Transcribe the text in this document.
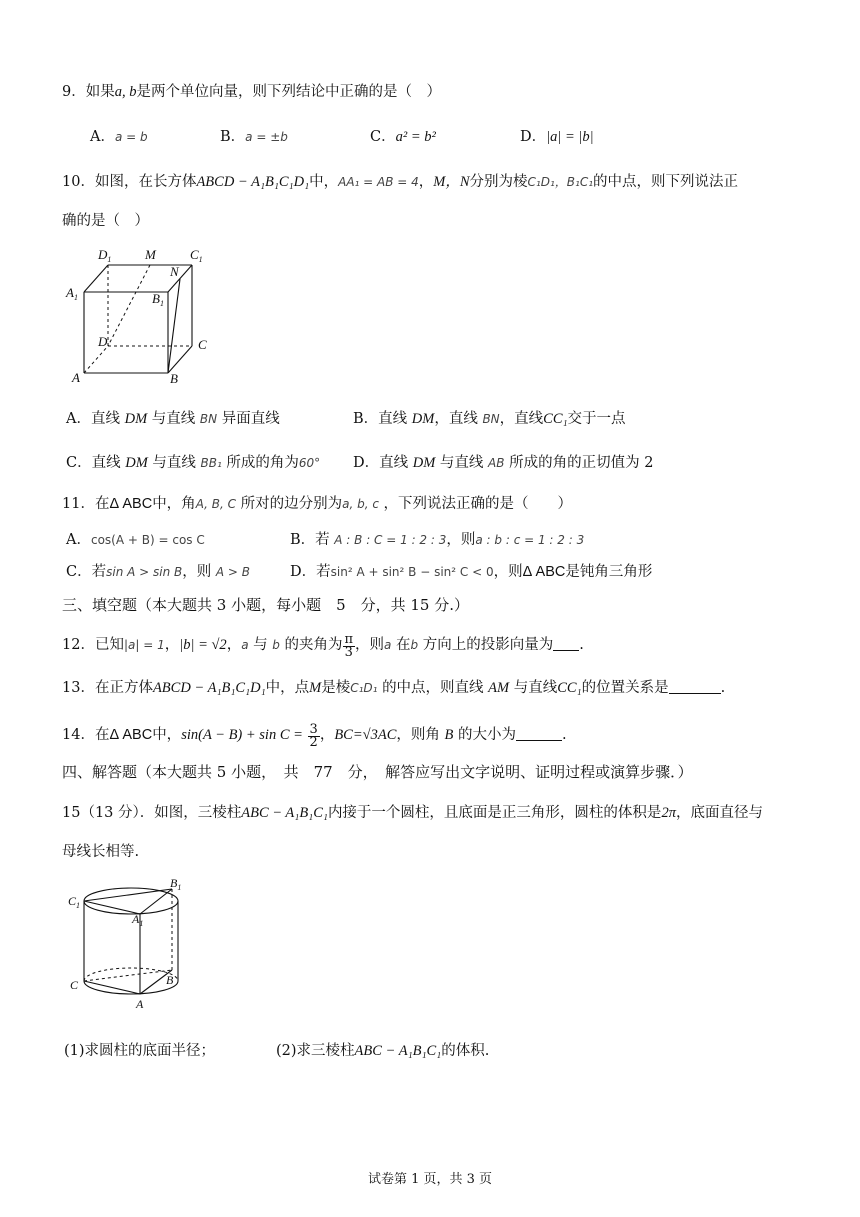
9．如果a, b是两个单位向量，则下列结论中正确的是（　）
A．a = b	B．a = ±b	C．a² = b²	D．|a| = |b|
10．如图，在长方体ABCD − A₁B₁C₁D₁中，AA₁ = AB = 4，M，N分别为棱C₁D₁，B₁C₁的中点，则下列说法正
确的是（　）
$D_1$	M	$C_1$
N
$A_1$	$B_1$
D	C
A	B
A．直线 DM 与直线 BN 异面直线	B．直线 DM，直线 BN，直线CC₁交于一点
C．直线 DM 与直线 BB₁ 所成的角为60° D．直线 DM 与直线 AB 所成的角的正切值为 2
11．在Δ ABC中，角A, B, C 所对的边分别为a, b, c ，下列说法正确的是（　　）
A．cos(A + B) = cos C	B．若 A : B : C = 1 : 2 : 3，则a : b : c = 1 : 2 : 3
C．若sin A > sin B，则 A > B	D．若sin² A + sin² B − sin² C < 0，则Δ ABC是钝角三角形
三、填空题（本大题共 3 小题，每小题　5　分，共 15 分.）
12．已知|a| = 1，|b| = √2，a 与 b 的夹角为 $\frac{\pi}{3}$ ，则a 在b 方向上的投影向量为 .
13．在正方体ABCD − A₁B₁C₁D₁中，点M是棱C₁D₁ 的中点，则直线 AM 与直线CC₁的位置关系是	.
14．在Δ ABC中，$\sin(A - B) + \sin C = \frac{3}{2}$ ，BC=√3AC，则角 B 的大小为	.
四、解答题（本大题共 5 小题，　共　77　分，　解答应写出文字说明、证明过程或演算步骤．）
15（13 分）．如图，三棱柱ABC − A₁B₁C₁内接于一个圆柱，且底面是正三角形，圆柱的体积是2π，底面直径与
母线长相等.
$C_1$
$B_1$
$A_1$
C	B
A
(1)求圆柱的底面半径；	(2)求三棱柱ABC − A₁B₁C₁的体积.
试卷第 1 页，共 3 页
